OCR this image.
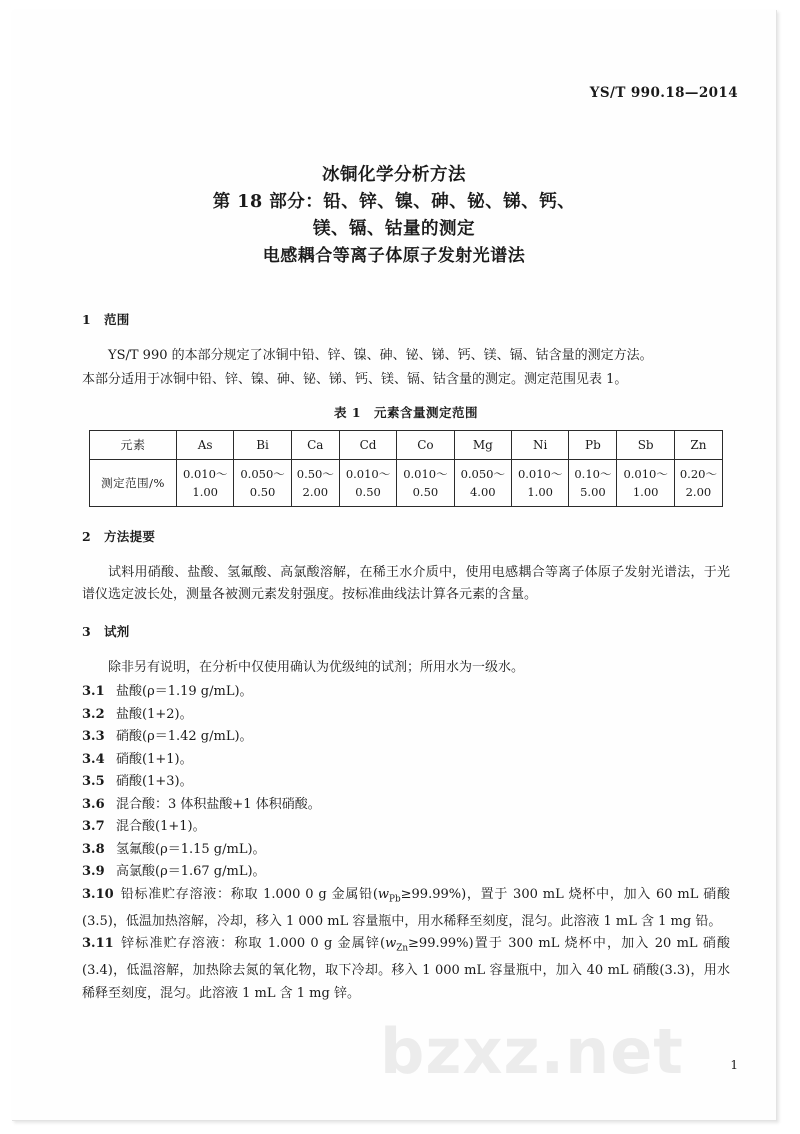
bzxz.net
YS/T 990.18—2014
冰铜化学分析方法
第 18 部分：铅、锌、镍、砷、铋、锑、钙、
镁、镉、钴量的测定
电感耦合等离子体原子发射光谱法
1 范围

YS/T 990 的本部分规定了冰铜中铅、锌、镍、砷、铋、锑、钙、镁、镉、钴含量的测定方法。

本部分适用于冰铜中铅、锌、镍、砷、铋、锑、钙、镁、镉、钴含量的测定。测定范围见表 1。

表 1　元素含量测定范围
元素	As	Bi	Ca	Cd	Co	Mg	Ni	Pb	Sb	Zn
测定范围/%	0.010～
1.00	0.050～
0.50	0.50～
2.00	0.010～
0.50	0.010～
0.50	0.050～
4.00	0.010～
1.00	0.10～
5.00	0.010～
1.00	0.20～
2.00
2 方法提要

试料用硝酸、盐酸、氢氟酸、高氯酸溶解，在稀王水介质中，使用电感耦合等离子体原子发射光谱法，于光谱仪选定波长处，测量各被测元素发射强度。按标准曲线法计算各元素的含量。

3 试剂

除非另有说明，在分析中仅使用确认为优级纯的试剂；所用水为一级水。

3.1 盐酸(ρ＝1.19 g/mL)。

3.2 盐酸(1+2)。

3.3 硝酸(ρ＝1.42 g/mL)。

3.4 硝酸(1+1)。

3.5 硝酸(1+3)。

3.6 混合酸：3 体积盐酸+1 体积硝酸。

3.7 混合酸(1+1)。

3.8 氢氟酸(ρ＝1.15 g/mL)。

3.9 高氯酸(ρ＝1.67 g/mL)。

3.10 铅标准贮存溶液：称取 1.000 0 g 金属铅$(w_{Pb}\ge 99.99\%)$，置于 300 mL 烧杯中，加入 60 mL 硝酸(3.5)，低温加热溶解，冷却，移入 1 000 mL 容量瓶中，用水稀释至刻度，混匀。此溶液 1 mL 含 1 mg 铅。

3.11 锌标准贮存溶液：称取 1.000 0 g 金属锌$(w_{Zn}\ge 99.99\%)$置于 300 mL 烧杯中，加入 20 mL 硝酸(3.4)，低温溶解，加热除去氮的氧化物，取下冷却。移入 1 000 mL 容量瓶中，加入 40 mL 硝酸(3.3)，用水稀释至刻度，混匀。此溶液 1 mL 含 1 mg 锌。

1
